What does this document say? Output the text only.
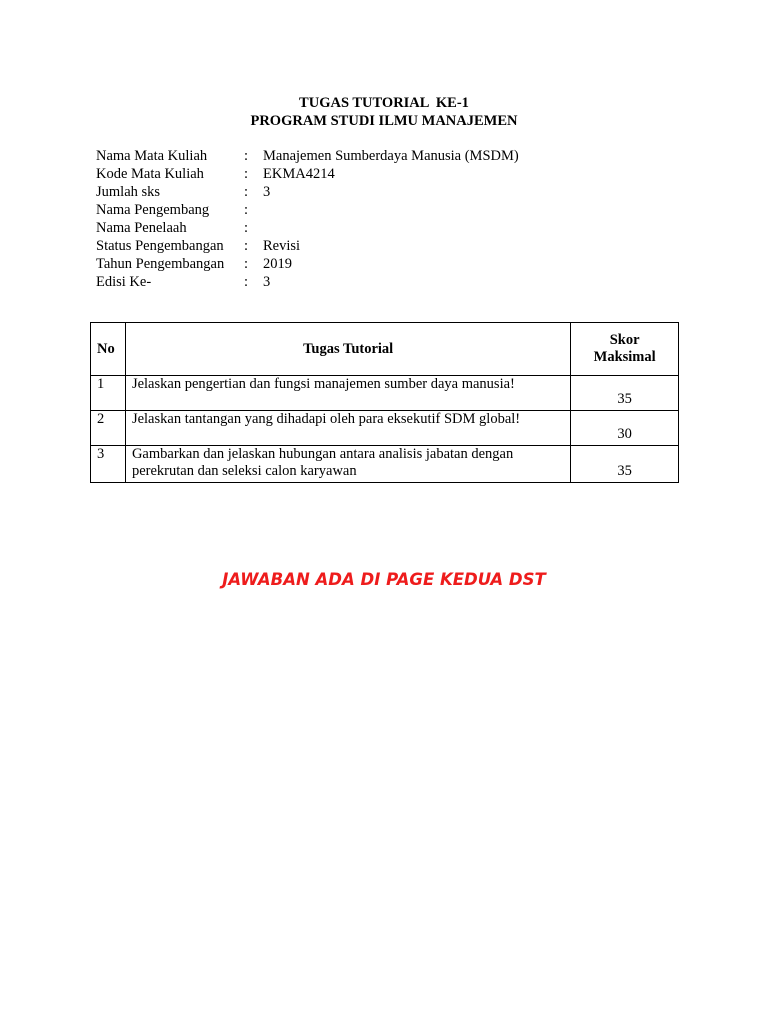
TUGAS TUTORIAL  KE-1
PROGRAM STUDI ILMU MANAJEMEN
Nama Mata Kuliah	:	Manajemen Sumberdaya Manusia (MSDM)
Kode Mata Kuliah	:	EKMA4214
Jumlah sks	:	3
Nama Pengembang	:
Nama Penelaah	:
Status Pengembangan	:	Revisi
Tahun Pengembangan	:	2019
Edisi Ke-	:	3
No	Tugas Tutorial	Skor
Maksimal
1	Jelaskan pengertian dan fungsi manajemen sumber daya manusia!	35
2	Jelaskan tantangan yang dihadapi oleh para eksekutif SDM global!	30
3	Gambarkan dan jelaskan hubungan antara analisis jabatan dengan
perekrutan dan seleksi calon karyawan	35
JAWABAN ADA DI PAGE KEDUA DST
